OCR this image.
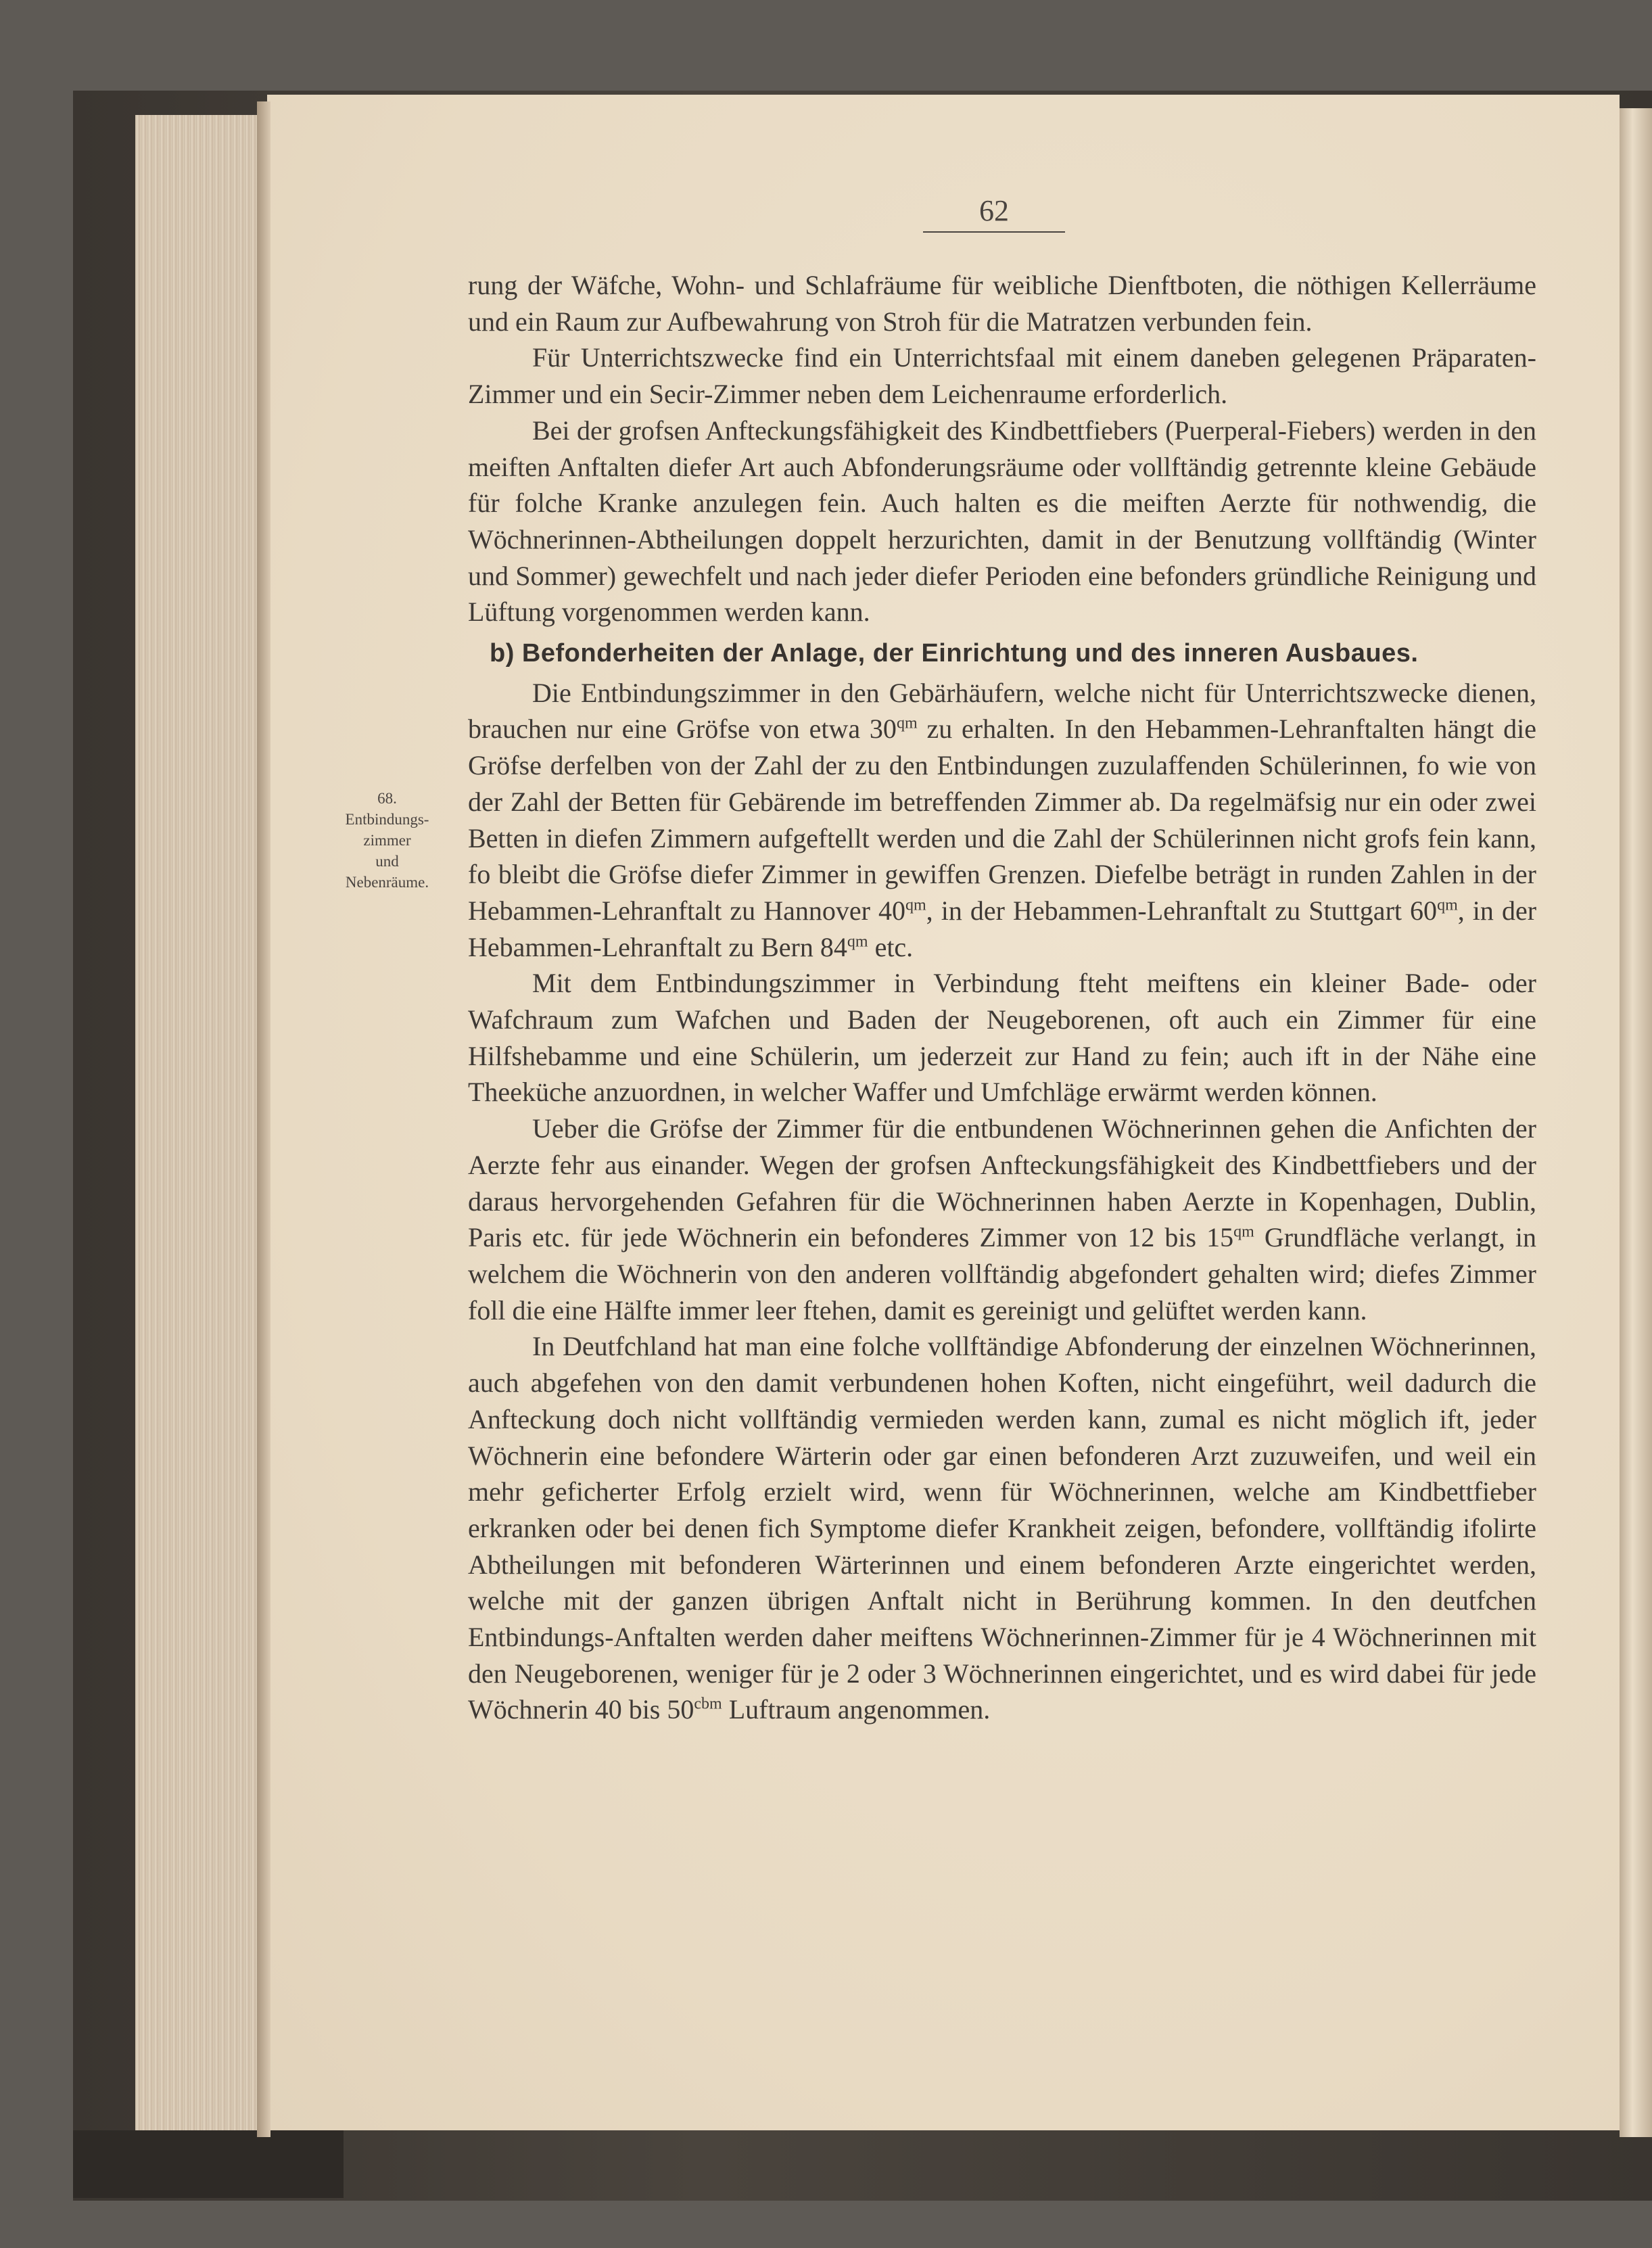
62
68.
Entbindungs-
zimmer
und
Nebenräume.

rung der Wäfche, Wohn- und Schlafräume für weibliche Dienftboten, die nöthigen Kellerräume und ein Raum zur Aufbewahrung von Stroh für die Matratzen verbunden fein.

Für Unterrichtszwecke find ein Unterrichtsfaal mit einem daneben gelegenen Präparaten-Zimmer und ein Secir-Zimmer neben dem Leichenraume erforderlich.

Bei der grofsen Anfteckungsfähigkeit des Kindbettfiebers (Puerperal-Fiebers) werden in den meiften Anftalten diefer Art auch Abfonderungsräume oder vollftändig getrennte kleine Gebäude für folche Kranke anzulegen fein. Auch halten es die meiften Aerzte für nothwendig, die Wöchnerinnen-Abtheilungen doppelt herzurichten, damit in der Benutzung vollftändig (Winter und Sommer) gewechfelt und nach jeder diefer Perioden eine befonders gründliche Reinigung und Lüftung vorgenommen werden kann.

b) Befonderheiten der Anlage, der Einrichtung und des inneren Ausbaues.

Die Entbindungszimmer in den Gebärhäufern, welche nicht für Unterrichtszwecke dienen, brauchen nur eine Gröfse von etwa $30^{qm}$ zu erhalten. In den Hebammen-Lehranftalten hängt die Gröfse derfelben von der Zahl der zu den Entbindungen zuzulaffenden Schülerinnen, fo wie von der Zahl der Betten für Gebärende im betreffenden Zimmer ab. Da regelmäfsig nur ein oder zwei Betten in diefen Zimmern aufgeftellt werden und die Zahl der Schülerinnen nicht grofs fein kann, fo bleibt die Gröfse diefer Zimmer in gewiffen Grenzen. Diefelbe beträgt in runden Zahlen in der Hebammen-Lehranftalt zu Hannover $40^{qm}$, in der Hebammen-Lehranftalt zu Stuttgart $60^{qm}$, in der Hebammen-Lehranftalt zu Bern $84^{qm}$ etc.

Mit dem Entbindungszimmer in Verbindung fteht meiftens ein kleiner Bade- oder Wafchraum zum Wafchen und Baden der Neugeborenen, oft auch ein Zimmer für eine Hilfshebamme und eine Schülerin, um jederzeit zur Hand zu fein; auch ift in der Nähe eine Theeküche anzuordnen, in welcher Waffer und Umfchläge erwärmt werden können.

Ueber die Gröfse der Zimmer für die entbundenen Wöchnerinnen gehen die Anfichten der Aerzte fehr aus einander. Wegen der grofsen Anfteckungsfähigkeit des Kindbettfiebers und der daraus hervorgehenden Gefahren für die Wöchnerinnen haben Aerzte in Kopenhagen, Dublin, Paris etc. für jede Wöchnerin ein befonderes Zimmer von 12 bis $15^{qm}$ Grundfläche verlangt, in welchem die Wöchnerin von den anderen vollftändig abgefondert gehalten wird; diefes Zimmer foll die eine Hälfte immer leer ftehen, damit es gereinigt und gelüftet werden kann.

In Deutfchland hat man eine folche vollftändige Abfonderung der einzelnen Wöchnerinnen, auch abgefehen von den damit verbundenen hohen Koften, nicht eingeführt, weil dadurch die Anfteckung doch nicht vollftändig vermieden werden kann, zumal es nicht möglich ift, jeder Wöchnerin eine befondere Wärterin oder gar einen befonderen Arzt zuzuweifen, und weil ein mehr geficherter Erfolg erzielt wird, wenn für Wöchnerinnen, welche am Kindbettfieber erkranken oder bei denen fich Symptome diefer Krankheit zeigen, befondere, vollftändig ifolirte Abtheilungen mit befonderen Wärterinnen und einem befonderen Arzte eingerichtet werden, welche mit der ganzen übrigen Anftalt nicht in Berührung kommen. In den deutfchen Entbindungs-Anftalten werden daher meiftens Wöchnerinnen-Zimmer für je 4 Wöchnerinnen mit den Neugeborenen, weniger für je 2 oder 3 Wöchnerinnen eingerichtet, und es wird dabei für jede Wöchnerin 40 bis $50^{cbm}$ Luftraum angenommen.
